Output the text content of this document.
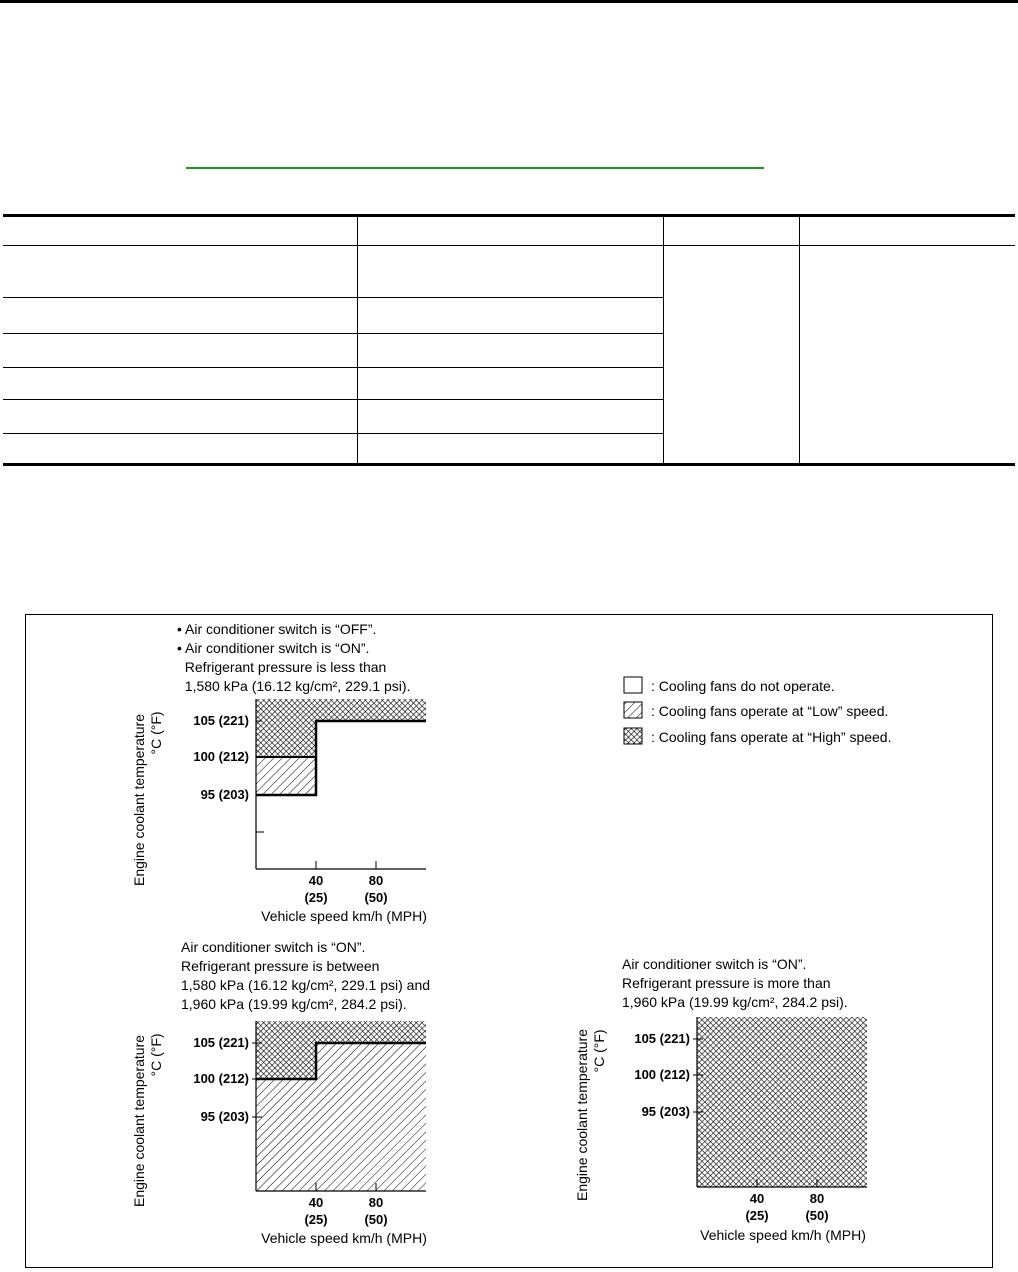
• Air conditioner switch is “OFF”.
• Air conditioner switch is “ON”.
Refrigerant pressure is less than
1,580 kPa (16.12 kg/cm², 229.1 psi).
105 (221)
100 (212)
95 (203)
40
(25)
80
(50)
Vehicle speed km/h (MPH)
Engine coolant temperature °C (°F)
: Cooling fans do not operate.
: Cooling fans operate at “Low” speed.
: Cooling fans operate at “High” speed.
Air conditioner switch is “ON”.
Refrigerant pressure is between
1,580 kPa (16.12 kg/cm², 229.1 psi) and
1,960 kPa (19.99 kg/cm², 284.2 psi).
105 (221)
100 (212)
95 (203)
40
(25)
80
(50)
Vehicle speed km/h (MPH)
Engine coolant temperature °C (°F)
Air conditioner switch is “ON”.
Refrigerant pressure is more than
1,960 kPa (19.99 kg/cm², 284.2 psi).
105 (221)
100 (212)
95 (203)
40
(25)
80
(50)
Vehicle speed km/h (MPH)
Engine coolant temperature °C (°F)
